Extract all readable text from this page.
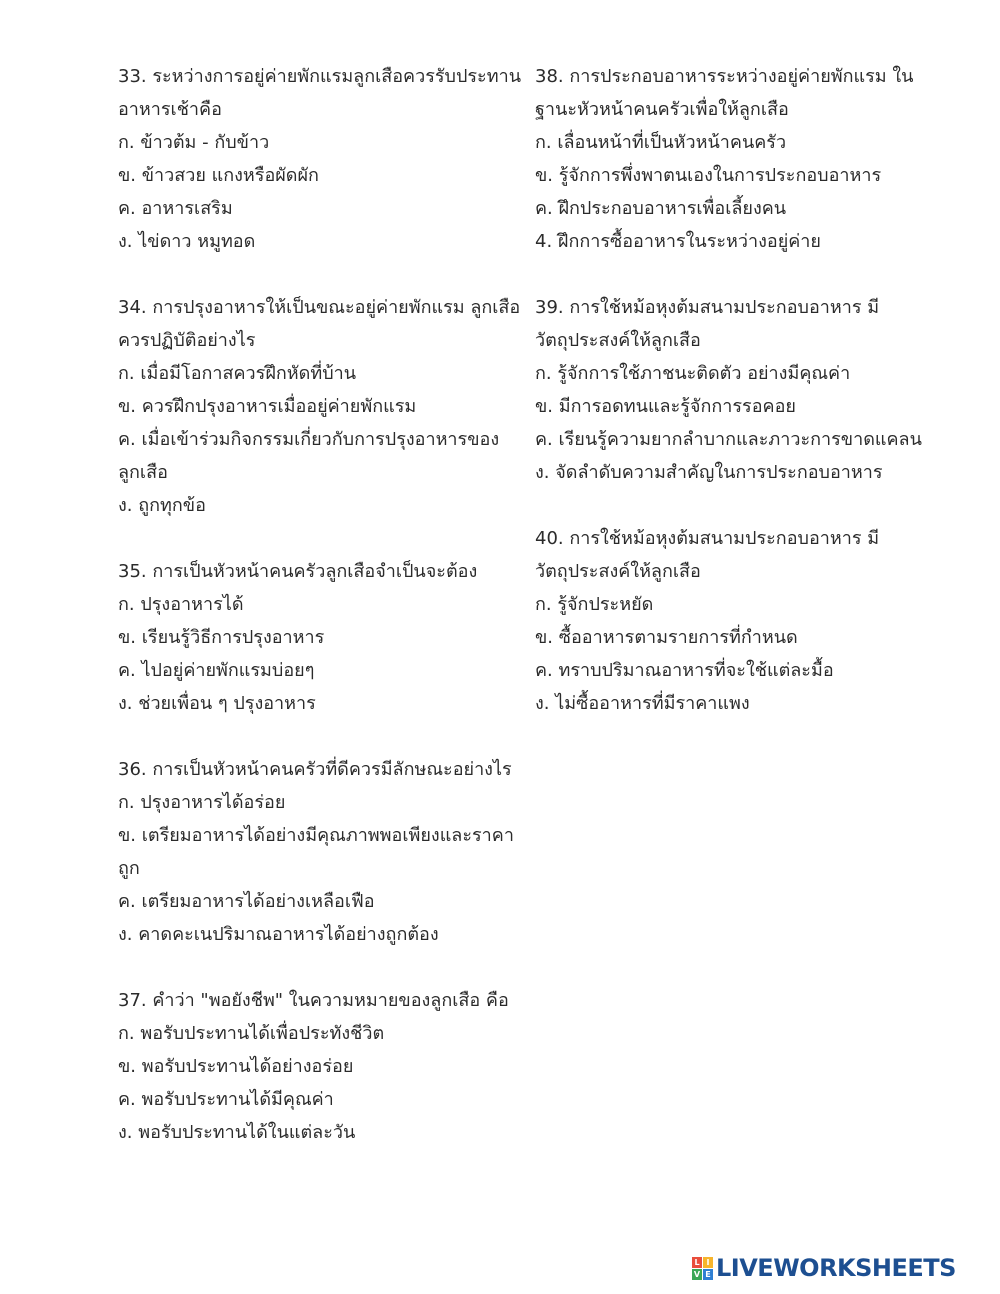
33. ระหว่างการอยู่ค่ายพักแรมลูกเสือควรรับประทาน
อาหารเช้าคือ
ก. ข้าวต้ม - กับข้าว
ข. ข้าวสวย แกงหรือผัดผัก
ค. อาหารเสริม
ง. ไข่ดาว หมูทอด
34. การปรุงอาหารให้เป็นขณะอยู่ค่ายพักแรม ลูกเสือ
ควรปฏิบัติอย่างไร
ก. เมื่อมีโอกาสควรฝึกหัดที่บ้าน
ข. ควรฝึกปรุงอาหารเมื่ออยู่ค่ายพักแรม
ค. เมื่อเข้าร่วมกิจกรรมเกี่ยวกับการปรุงอาหารของ
ลูกเสือ
ง. ถูกทุกข้อ
35. การเป็นหัวหน้าคนครัวลูกเสือจำเป็นจะต้อง
ก. ปรุงอาหารได้
ข. เรียนรู้วิธีการปรุงอาหาร
ค. ไปอยู่ค่ายพักแรมบ่อยๆ
ง. ช่วยเพื่อน ๆ ปรุงอาหาร
36. การเป็นหัวหน้าคนครัวที่ดีควรมีลักษณะอย่างไร
ก. ปรุงอาหารได้อร่อย
ข. เตรียมอาหารได้อย่างมีคุณภาพพอเพียงและราคา
ถูก
ค. เตรียมอาหารได้อย่างเหลือเฟือ
ง. คาดคะเนปริมาณอาหารได้อย่างถูกต้อง
37. คำว่า "พอยังชีพ" ในความหมายของลูกเสือ คือ
ก. พอรับประทานได้เพื่อประทังชีวิต
ข. พอรับประทานได้อย่างอร่อย
ค. พอรับประทานได้มีคุณค่า
ง. พอรับประทานได้ในแต่ละวัน
38. การประกอบอาหารระหว่างอยู่ค่ายพักแรม ใน
ฐานะหัวหน้าคนครัวเพื่อให้ลูกเสือ
ก. เลื่อนหน้าที่เป็นหัวหน้าคนครัว
ข. รู้จักการพึ่งพาตนเองในการประกอบอาหาร
ค. ฝึกประกอบอาหารเพื่อเลี้ยงคน
4. ฝึกการซื้ออาหารในระหว่างอยู่ค่าย
39. การใช้หม้อหุงต้มสนามประกอบอาหาร มี
วัตถุประสงค์ให้ลูกเสือ
ก. รู้จักการใช้ภาชนะติดตัว อย่างมีคุณค่า
ข. มีการอดทนและรู้จักการรอคอย
ค. เรียนรู้ความยากลำบากและภาวะการขาดแคลน
ง. จัดลำดับความสำคัญในการประกอบอาหาร
40. การใช้หม้อหุงต้มสนามประกอบอาหาร มี
วัตถุประสงค์ให้ลูกเสือ
ก. รู้จักประหยัด
ข. ซื้ออาหารตามรายการที่กำหนด
ค. ทราบปริมาณอาหารที่จะใช้แต่ละมื้อ
ง. ไม่ซื้ออาหารที่มีราคาแพง
L I
V E LIVEWORKSHEETS
